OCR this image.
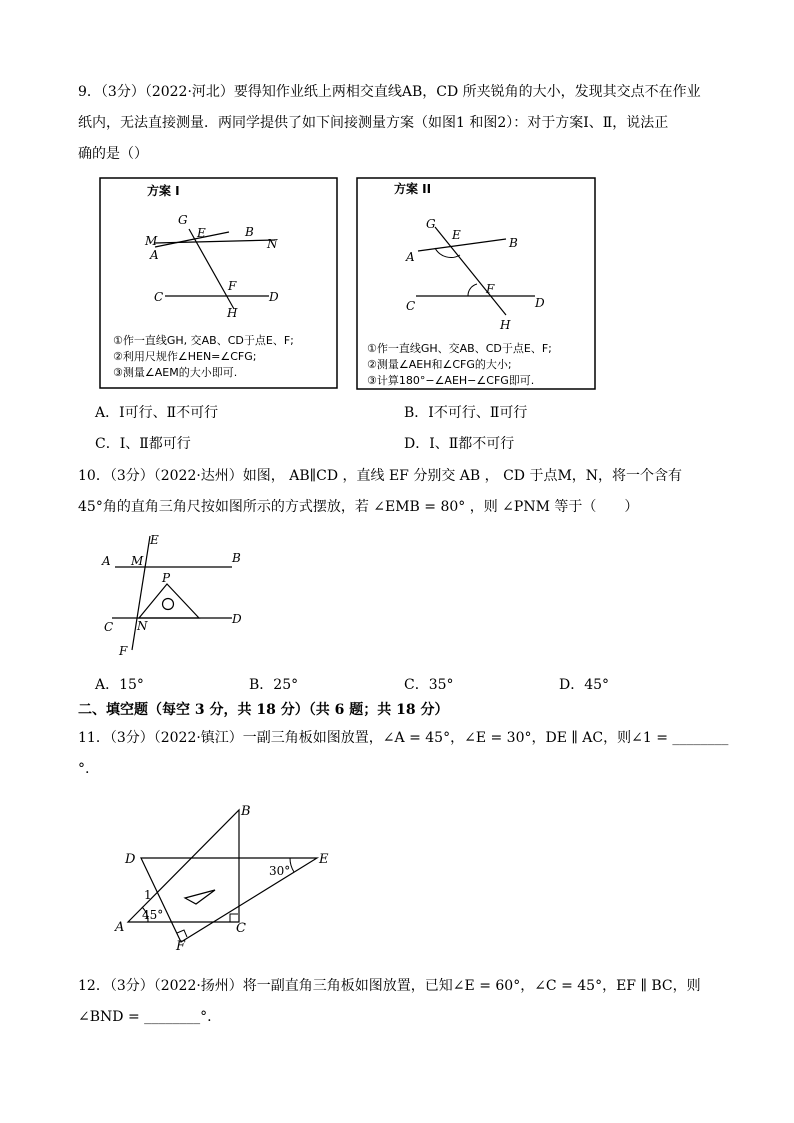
9．（3分）（2022·河北）要得知作业纸上两相交直线AB，CD 所夹锐角的大小，发现其交点不在作业
纸内，无法直接测量．两同学提供了如下间接测量方案（如图1 和图2）：对于方案Ⅰ、Ⅱ，说法正
确的是（）
方案 I
G
E	B
M	N
A
F
C	D
H
①作一直线GH, 交AB、CD于点E、F;
②利用尺规作∠HEN=∠CFG;
③测量∠AEM的大小即可.
方案 II
G
E
B
A
F
C	D
H
①作一直线GH、交AB、CD于点E、F;
②测量∠AEH和∠CFG的大小;
③计算180°−∠AEH−∠CFG即可.
A．Ⅰ可行、Ⅱ不可行	B．Ⅰ不可行、Ⅱ可行
C．Ⅰ、Ⅱ都可行	D．Ⅰ、Ⅱ都不可行
10．（3分）（2022·达州）如图， AB∥CD ，直线 EF 分别交 AB ， CD 于点M，N，将一个含有
45°角的直角三角尺按如图所示的方式摆放，若 ∠EMB = 80° ，则 ∠PNM 等于（　　）
A M
E
B
P
C N	D
F
A．15°	B．25°	C．35°	D．45°
二、填空题（每空 3 分，共 18 分）（共 6 题；共 18 分）
11．（3分）（2022·镇江）一副三角板如图放置，∠A = 45°，∠E = 30°，DE ∥ AC，则∠1 = ________
°.
B
D	E
1
A
45°
30°
C
F
12．（3分）（2022·扬州）将一副直角三角板如图放置，已知∠E = 60°，∠C = 45°，EF ∥ BC，则
∠BND = ________°.
